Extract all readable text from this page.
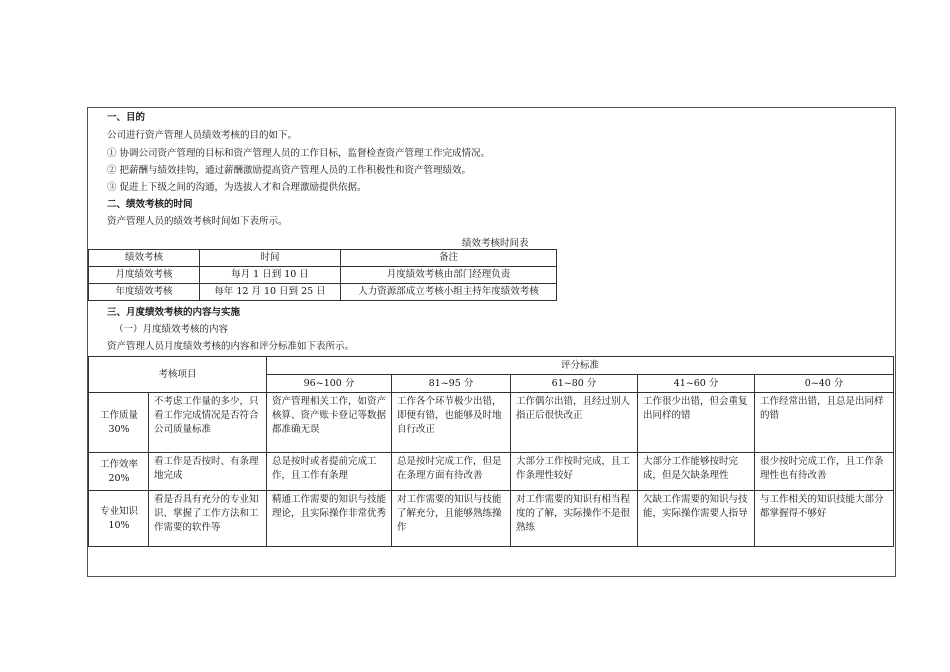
一、目的
公司进行资产管理人员绩效考核的目的如下。
① 协调公司资产管理的目标和资产管理人员的工作目标，监督检查资产管理工作完成情况。
② 把薪酬与绩效挂钩，通过薪酬激励提高资产管理人员的工作积极性和资产管理绩效。
③ 促进上下级之间的沟通，为选拔人才和合理激励提供依据。
二、绩效考核的时间
资产管理人员的绩效考核时间如下表所示。
绩效考核时间表
绩效考核	时间	备注
月度绩效考核	每月 1 日到 10 日	月度绩效考核由部门经理负责
年度绩效考核	每年 12 月 10 日到 25 日	人力资源部成立考核小组主持年度绩效考核
三、月度绩效考核的内容与实施
（一）月度绩效考核的内容
资产管理人员月度绩效考核的内容和评分标准如下表所示。
考核项目		评分标准				
		96~100 分	81~95 分	61~80 分	41~60 分	0~40 分
工作质量
30%	不考虑工作量的多少，只看工作完成情况是否符合公司质量标准	资产管理相关工作，如资产核算、资产账卡登记等数据都准确无误	工作各个环节极少出错，即便有错，也能够及时地自行改正	工作偶尔出错，且经过别人指正后很快改正	工作很少出错，但会重复出同样的错	工作经常出错，且总是出同样的错
工作效率
20%	看工作是否按时、有条理地完成	总是按时或者提前完成工作，且工作有条理	总是按时完成工作，但是在条理方面有待改善	大部分工作按时完成，且工作条理性较好	大部分工作能够按时完成，但是欠缺条理性	很少按时完成工作，且工作条理性也有待改善
专业知识
10%	看是否具有充分的专业知识、掌握了工作方法和工作需要的软件等	精通工作需要的知识与技能理论，且实际操作非常优秀	对工作需要的知识与技能了解充分，且能够熟练操作	对工作需要的知识有相当程度的了解，实际操作不是很熟练	欠缺工作需要的知识与技能，实际操作需要人指导	与工作相关的知识技能大部分都掌握得不够好
